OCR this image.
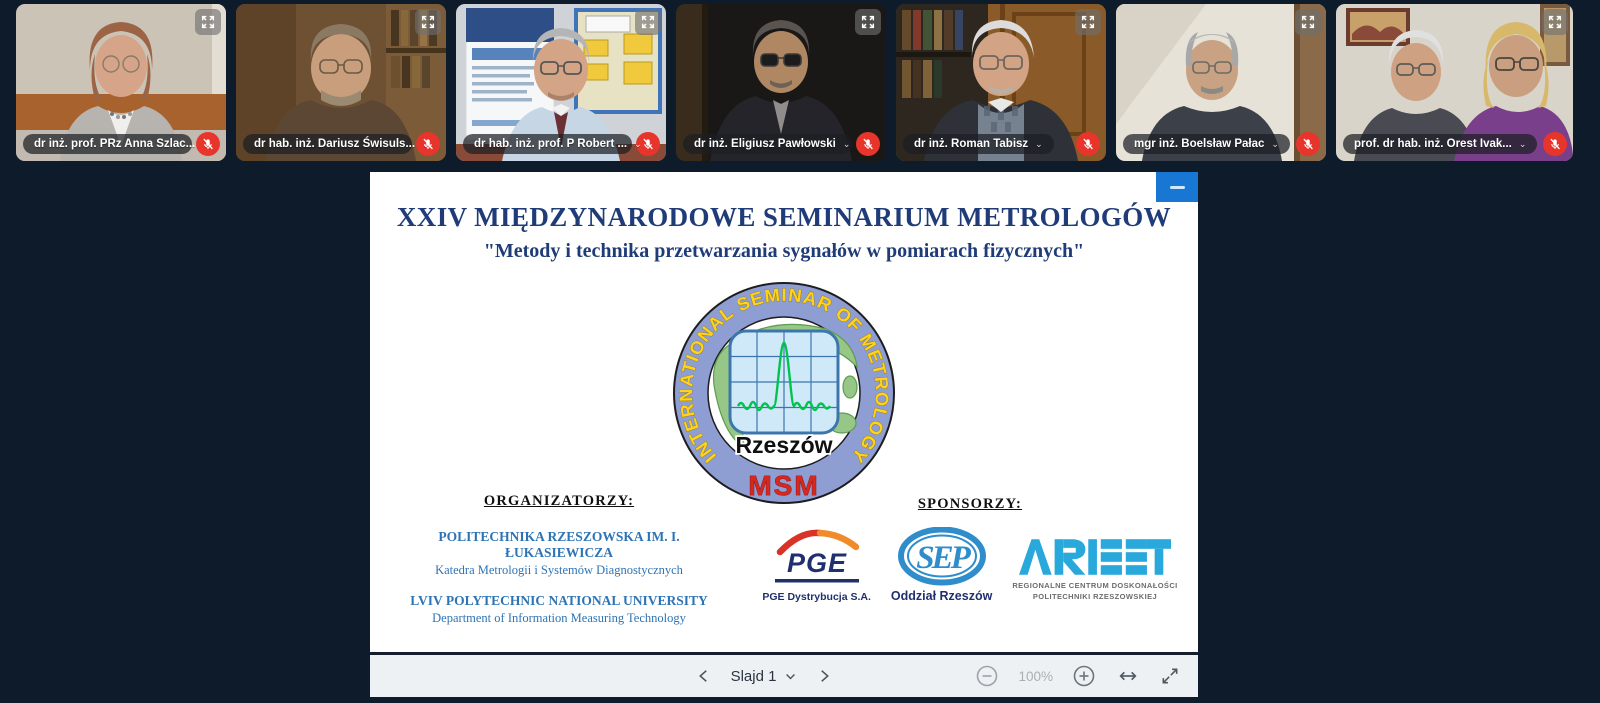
dr inż. prof. PRz Anna Szlac... ⌄	dr hab. inż. Dariusz Świsuls... ⌄	dr hab. inż. prof. P Robert ... ⌄	dr inż. Eligiusz Pawłowski ⌄	dr inż. Roman Tabisz ⌄	mgr inż. Boelsław Pałac ⌄	prof. dr hab. inż. Orest Ivak... ⌄
XXIV MIĘDZYNARODOWE SEMINARIUM METROLOGÓW
"Metody i technika przetwarzania sygnałów w pomiarach fizycznych"
INTERNATIONAL SEMINAR OF METROLOGY
Rzeszów
MSM
ORGANIZATORZY:
POLITECHNIKA RZESZOWSKA IM. I. ŁUKASIEWICZA
Katedra Metrologii i Systemów Diagnostycznych
LVIV POLYTECHNIC NATIONAL UNIVERSITY
Department of Information Measuring Technology
SPONSORZY:
PGE
PGE Dystrybucja S.A.
SEP
Oddział Rzeszów
REGIONALNE CENTRUM DOSKONAŁOŚCI
POLITECHNIKI RZESZOWSKIEJ
Slajd 1	100%
